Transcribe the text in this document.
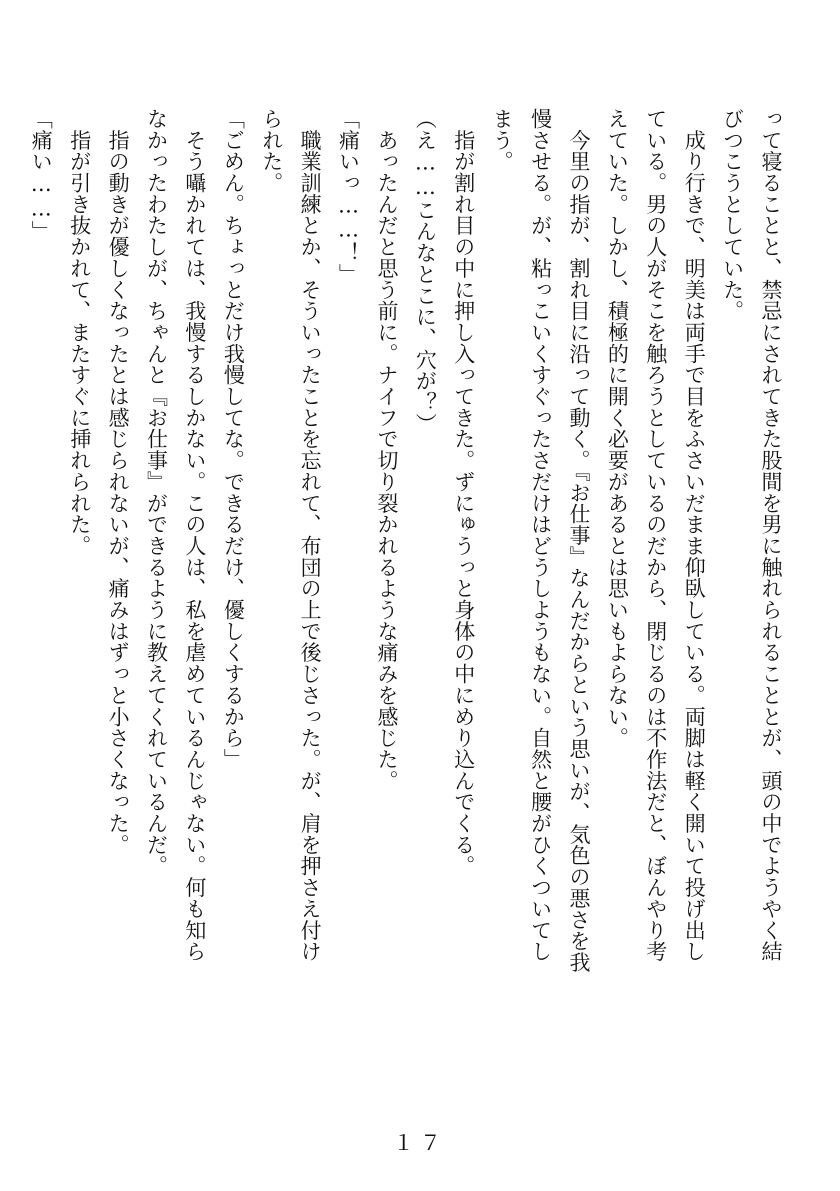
って寝ることと、禁忌にされてきた股間を男に触れられることとが、頭の中でようやく結
びつこうとしていた。
　成り行きで、明美は両手で目をふさいだまま仰臥している。両脚は軽く開いて投げ出し
ている。男の人がそこを触ろうとしているのだから、閉じるのは不作法だと、ぼんやり考
えていた。しかし、積極的に開く必要があるとは思いもよらない。
　今里の指が、割れ目に沿って動く。『お仕事』なんだからという思いが、気色の悪さを我
慢させる。が、粘っこいくすぐったさだけはどうしようもない。自然と腰がひくついてし
まう。
　指が割れ目の中に押し入ってきた。ずにゅうっと身体の中にめり込んでくる。
（え……こんなとこに、穴が？）
　あったんだと思う前に。ナイフで切り裂かれるような痛みを感じた。
「痛いっ……！」
　職業訓練とか、そういったことを忘れて、布団の上で後じさった。が、肩を押さえ付け
られた。
「ごめん。ちょっとだけ我慢してな。できるだけ、優しくするから」
　そう囁かれては、我慢するしかない。この人は、私を虐めているんじゃない。何も知ら
なかったわたしが、ちゃんと『お仕事』ができるように教えてくれているんだ。
　指の動きが優しくなったとは感じられないが、痛みはずっと小さくなった。
　指が引き抜かれて、またすぐに挿れられた。
「痛い……」
１７
